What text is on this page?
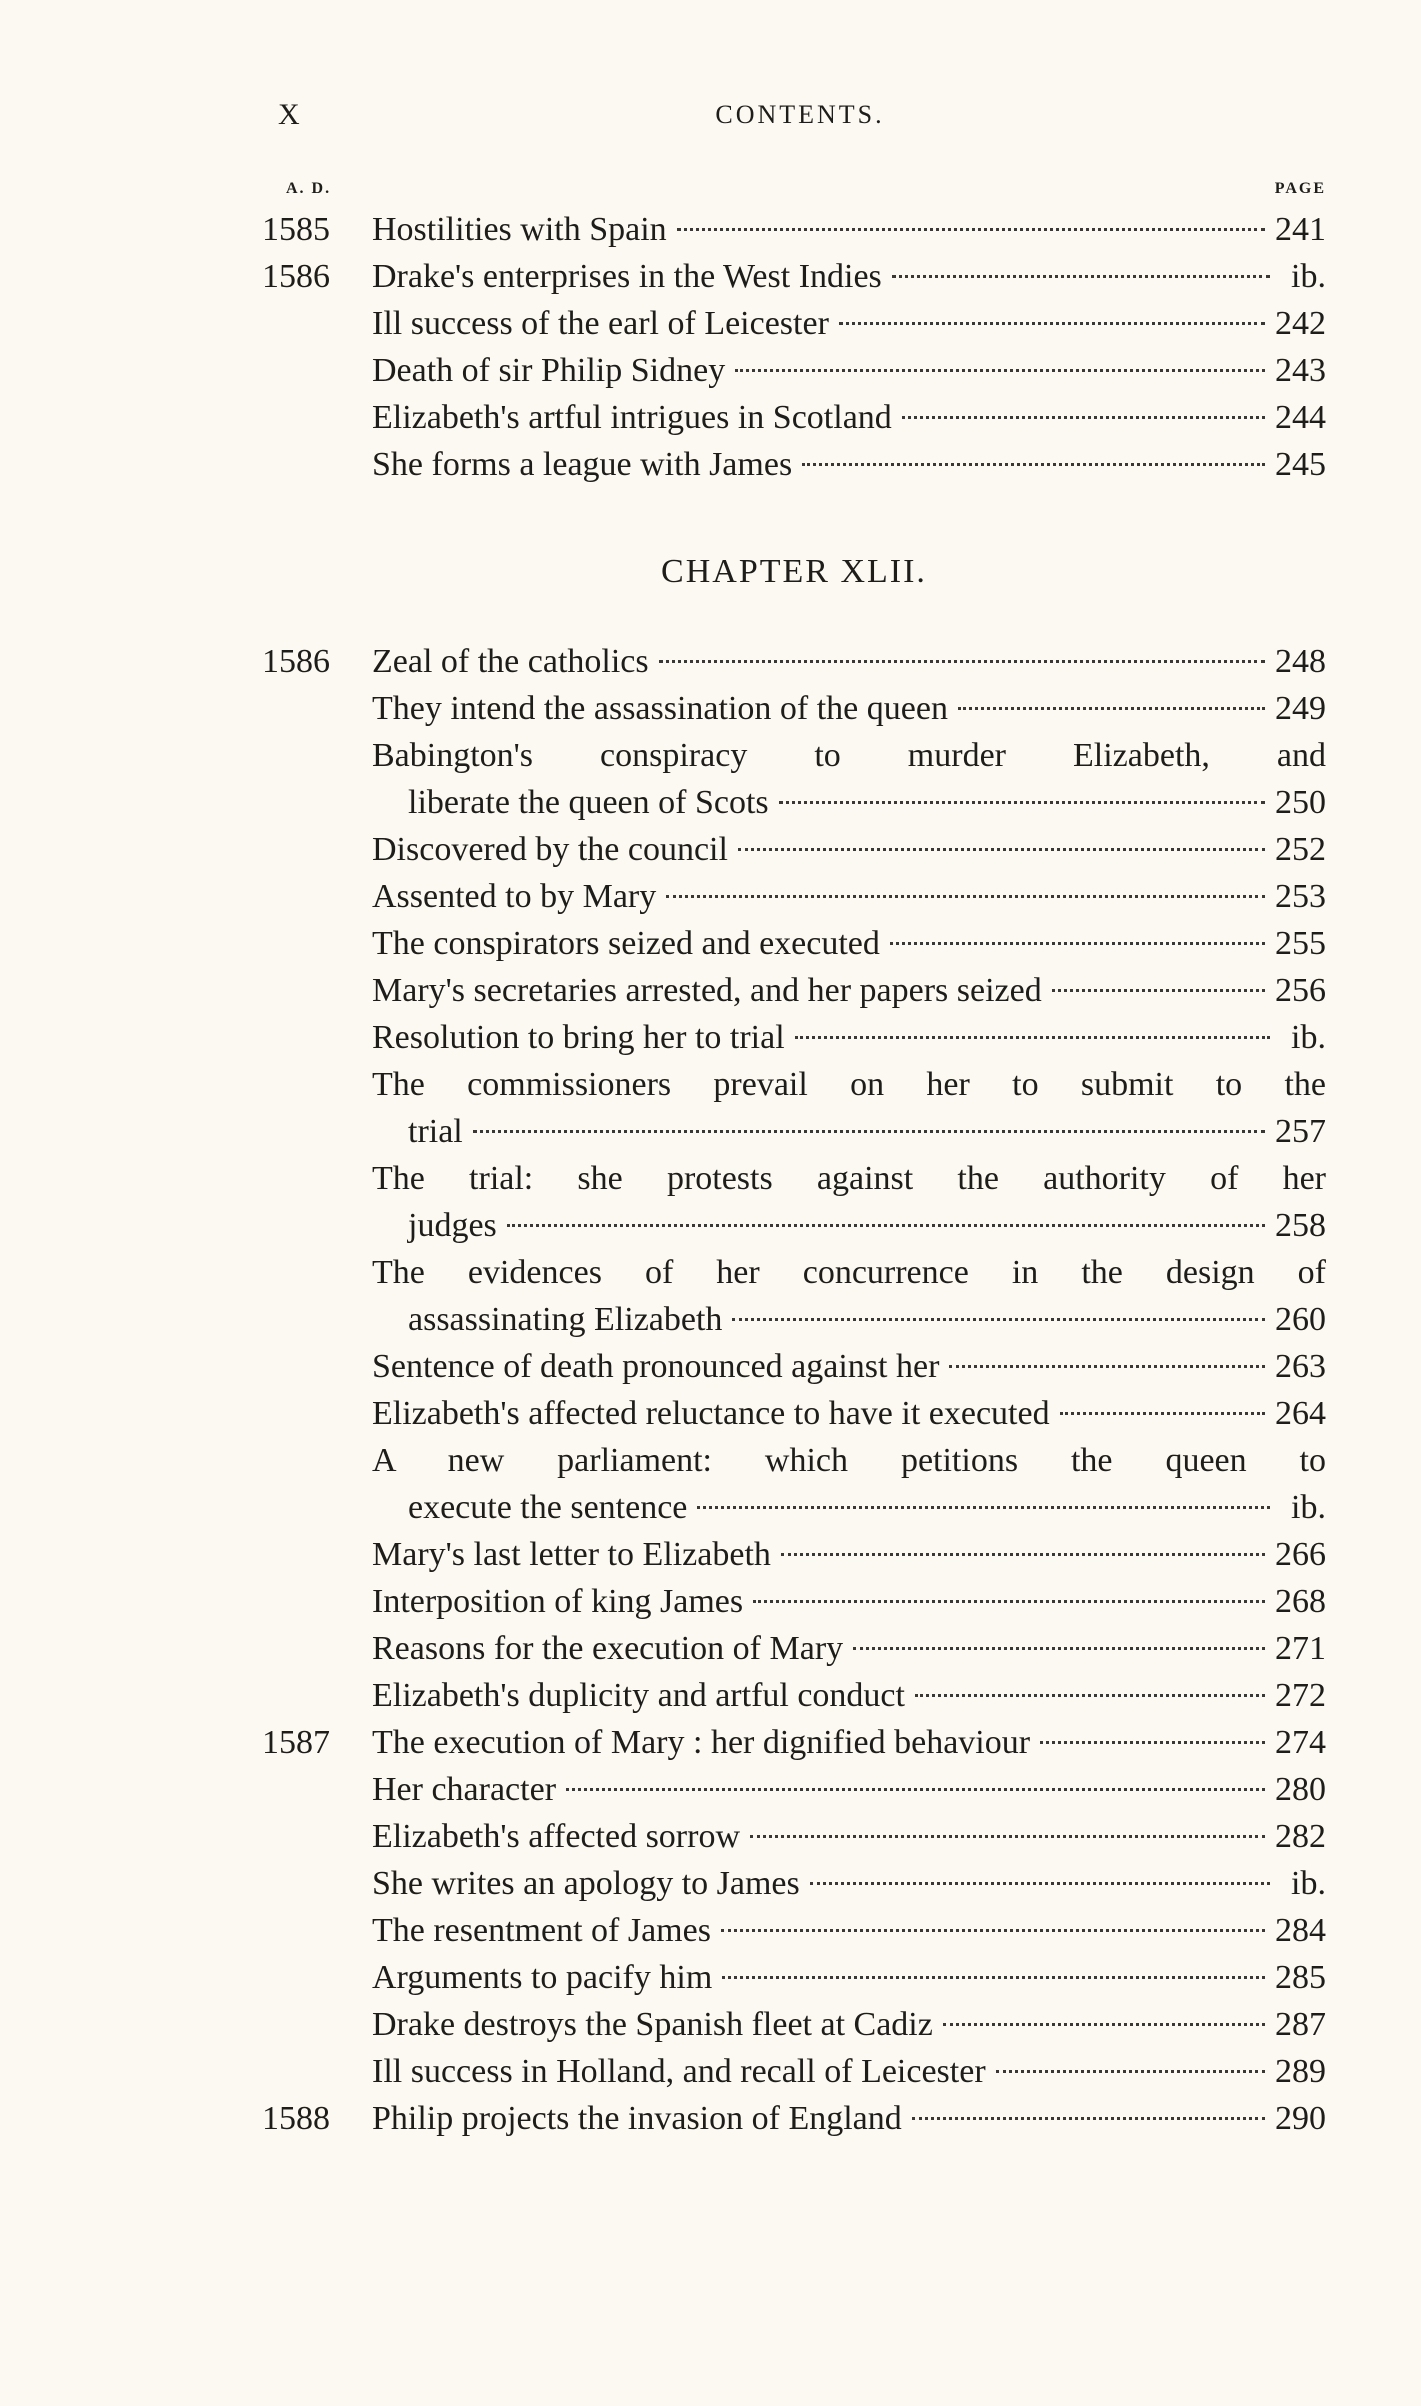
X	CONTENTS.
A. D.	PAGE
1585	Hostilities with Spain	241
1586	Drake's enterprises in the West Indies	ib.
Ill success of the earl of Leicester	242
Death of sir Philip Sidney	243
Elizabeth's artful intrigues in Scotland	244
She forms a league with James	245
CHAPTER XLII.
1586	Zeal of the catholics	248
They intend the assassination of the queen	249
Babington's conspiracy to murder Elizabeth, and
liberate the queen of Scots	250
Discovered by the council	252
Assented to by Mary	253
The conspirators seized and executed	255
Mary's secretaries arrested, and her papers seized	256
Resolution to bring her to trial	ib.
The commissioners prevail on her to submit to the
trial	257
The trial: she protests against the authority of her
judges	258
The evidences of her concurrence in the design of
assassinating Elizabeth	260
Sentence of death pronounced against her	263
Elizabeth's affected reluctance to have it executed	264
A new parliament: which petitions the queen to
execute the sentence	ib.
Mary's last letter to Elizabeth	266
Interposition of king James	268
Reasons for the execution of Mary	271
Elizabeth's duplicity and artful conduct	272
1587	The execution of Mary : her dignified behaviour	274
Her character	280
Elizabeth's affected sorrow	282
She writes an apology to James	ib.
The resentment of James	284
Arguments to pacify him	285
Drake destroys the Spanish fleet at Cadiz	287
Ill success in Holland, and recall of Leicester	289
1588	Philip projects the invasion of England	290
